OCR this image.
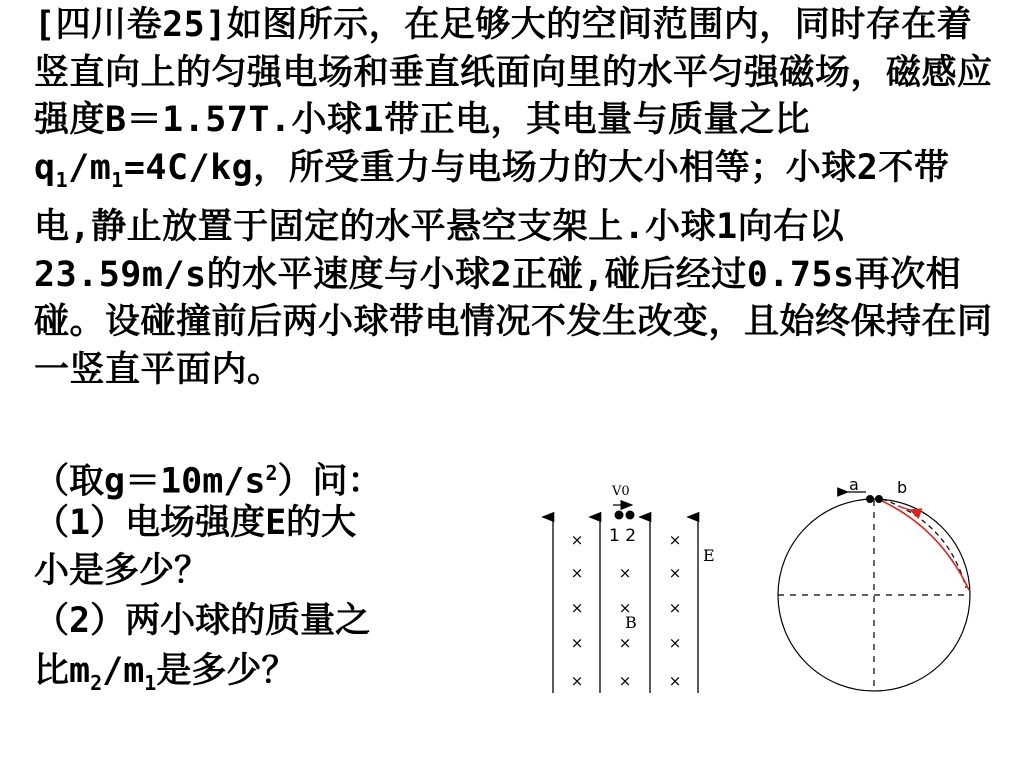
[四川卷25]如图所示，在足够大的空间范围内，同时存在着竖直向上的匀强电场和垂直纸面向里的水平匀强磁场，磁感应强度B＝1.57T.小球1带正电，其电量与质量之比$q_1/m_1=4C/kg$，所受重力与电场力的大小相等；小球2不带电,静止放置于固定的水平悬空支架上.小球1向右以23.59m/s的水平速度与小球2正碰,碰后经过0.75s再次相碰。设碰撞前后两小球带电情况不发生改变，且始终保持在同一竖直平面内。

（取$g=10m/s^2$）问：

（1）电场强度E的大

小是多少？

（2）两小球的质量之

比$m_2/m_1$是多少？

V0
1 2
E
B
×
×
×
×	×
× × ×
× × ×
× × ×
a b
